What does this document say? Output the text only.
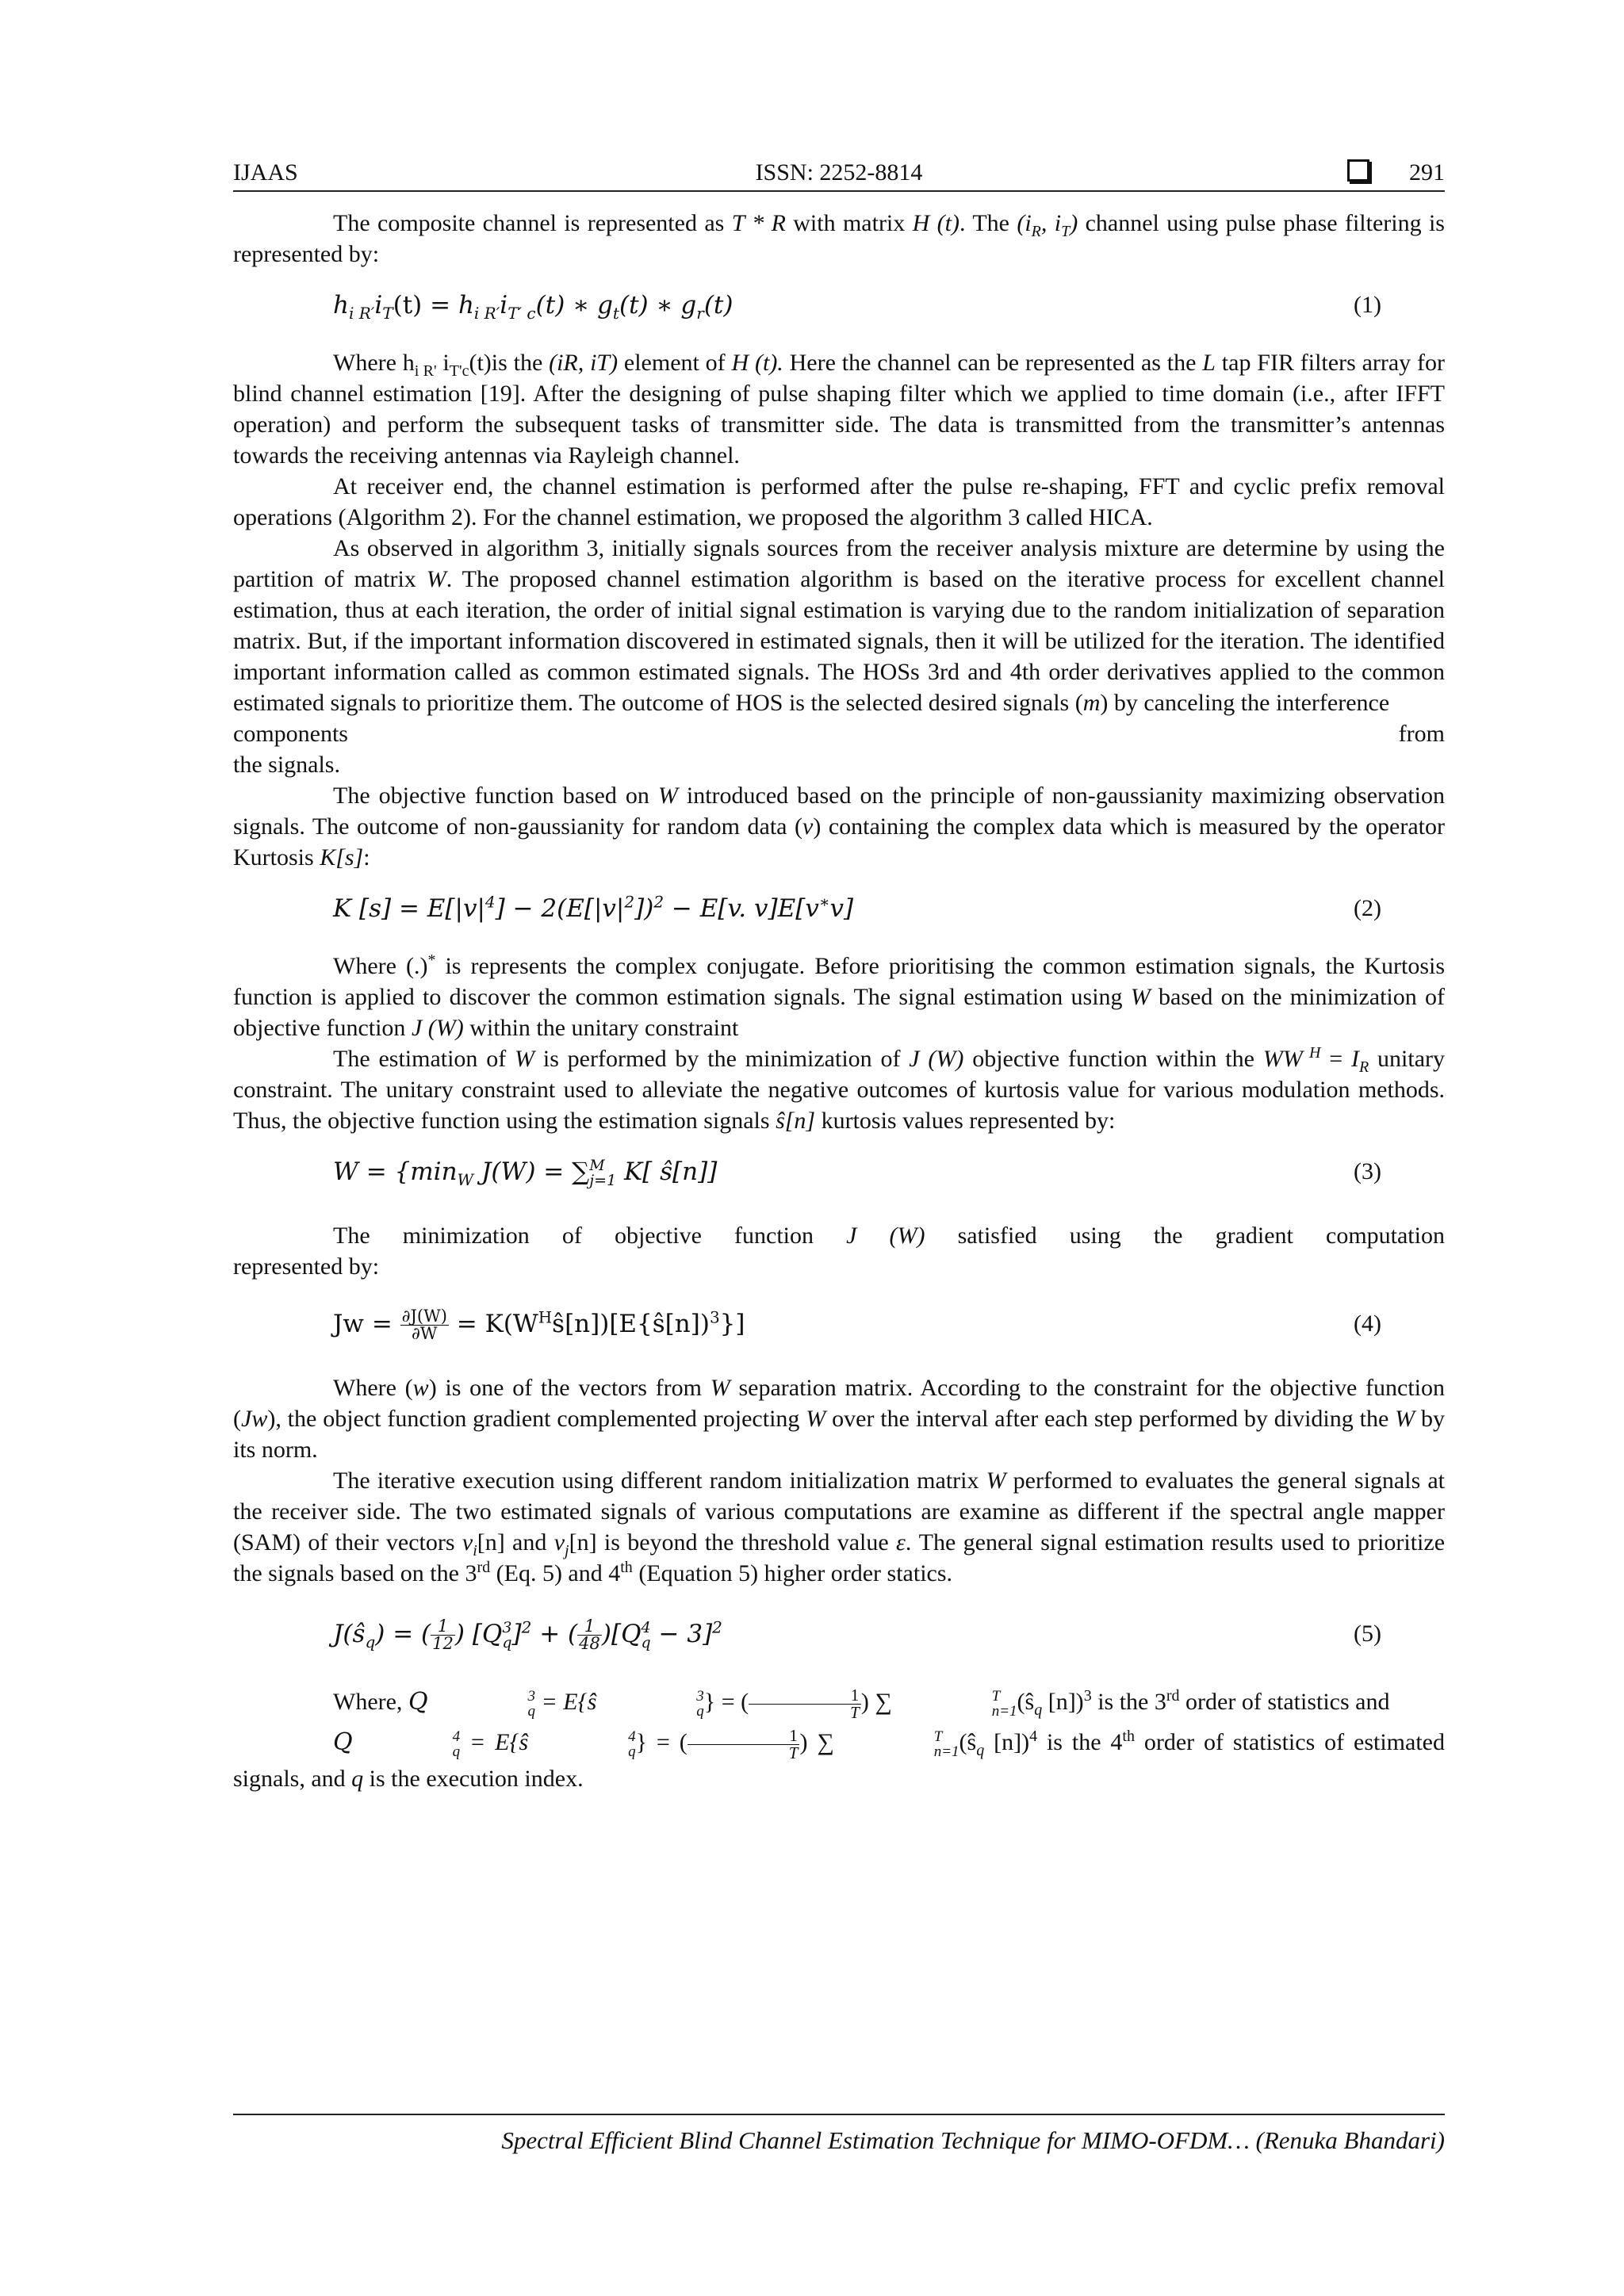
IJAAS	ISSN: 2252-8814	291

The composite channel is represented as T * R with matrix H (t). The ($i_R$, $i_T$) channel using pulse phase filtering is represented by:

$h_{i R'}i_T(t) = h_{i R'}i_{T' c}(t)$ ∗ $g_t(t)$ ∗ $g_r(t)$	(1)

Where $h_{i R'}$ $i_{T'c}(t)is$ the (iR, iT) element of H (t). Here the channel can be represented as the L tap FIR filters array for blind channel estimation [19]. After the designing of pulse shaping filter which we applied to time domain (i.e., after IFFT operation) and perform the subsequent tasks of transmitter side. The data is transmitted from the transmitter’s antennas towards the receiving antennas via Rayleigh channel.

At receiver end, the channel estimation is performed after the pulse re-shaping, FFT and cyclic prefix removal operations (Algorithm 2). For the channel estimation, we proposed the algorithm 3 called HICA.

As observed in algorithm 3, initially signals sources from the receiver analysis mixture are determine by using the partition of matrix W. The proposed channel estimation algorithm is based on the iterative process for excellent channel estimation, thus at each iteration, the order of initial signal estimation is varying due to the random initialization of separation matrix. But, if the important information discovered in estimated signals, then it will be utilized for the iteration. The identified important information called as common estimated signals. The HOSs 3rd and 4th order derivatives applied to the common estimated signals to prioritize them. The outcome of HOS is the selected desired signals (m) by canceling the interference

components                                                                                                                    from

the signals.

The objective function based on W introduced based on the principle of non-gaussianity maximizing observation signals. The outcome of non-gaussianity for random data (v) containing the complex data which is measured by the operator Kurtosis K[s]:

K $[s] = E[|v|^4] - 2(E[|v|^2])^2 - E[v$. v]E[v∗v]	(2)

Where (.)* is represents the complex conjugate. Before prioritising the common estimation signals, the Kurtosis function is applied to discover the common estimation signals. The signal estimation using W based on the minimization of objective function J (W) within the unitary constraint

The estimation of W is performed by the minimization of J (W) objective function within the WW $^H = I_R$ unitary constraint. The unitary constraint used to alleviate the negative outcomes of kurtosis value for various modulation methods. Thus, the objective function using the estimation signals ŝ[n] kurtosis values represented by:

$W = \{\min_W$ J(W) = ∑ M
j=1 K[ ŝ[n]]	(3)

The minimization of objective function J (W) satisfied using the gradient computation

represented by:

$Jw = \frac{\partial J(W)}{\partial W}$ = $K(W^Hŝ[n])[E\{ŝ[n])^3\}$]	(4)

Where (w) is one of the vectors from W separation matrix. According to the constraint for the objective function (Jw), the object function gradient complemented projecting W over the interval after each step performed by dividing the W by its norm.

The iterative execution using different random initialization matrix W performed to evaluates the general signals at the receiver side. The two estimated signals of various computations are examine as different if the spectral angle mapper (SAM) of their vectors $v_i[n]$ and $v_j[n]$ is beyond the threshold value ε. The general signal estimation results used to prioritize the signals based on the 3rd (Eq. 5) and 4th (Equation 5) higher order statics.

$J(ŝ_q)$ = ( $\frac{1}{12}$ ) [Q 3
q ]$^2$ + ( $\frac{1}{48} )[Q$ 4
q − 3]$^2$	(5)

Where, Q	3
q = E{ŝ	3
q } = ( $\frac{1}{T}$ ) ∑	T
n=1 ($ŝ_q$ [n])$^3$ is the 3rd order of statistics and

Q	4
q = E{ŝ	4
q } = ( $\frac{1}{T}$ ) ∑	T
n=1 ($ŝ_q$ [n])$^4$ is the 4th order of statistics of estimated signals, and q is the execution index.

Spectral Efficient Blind Channel Estimation Technique for MIMO-OFDM… (Renuka Bhandari)
